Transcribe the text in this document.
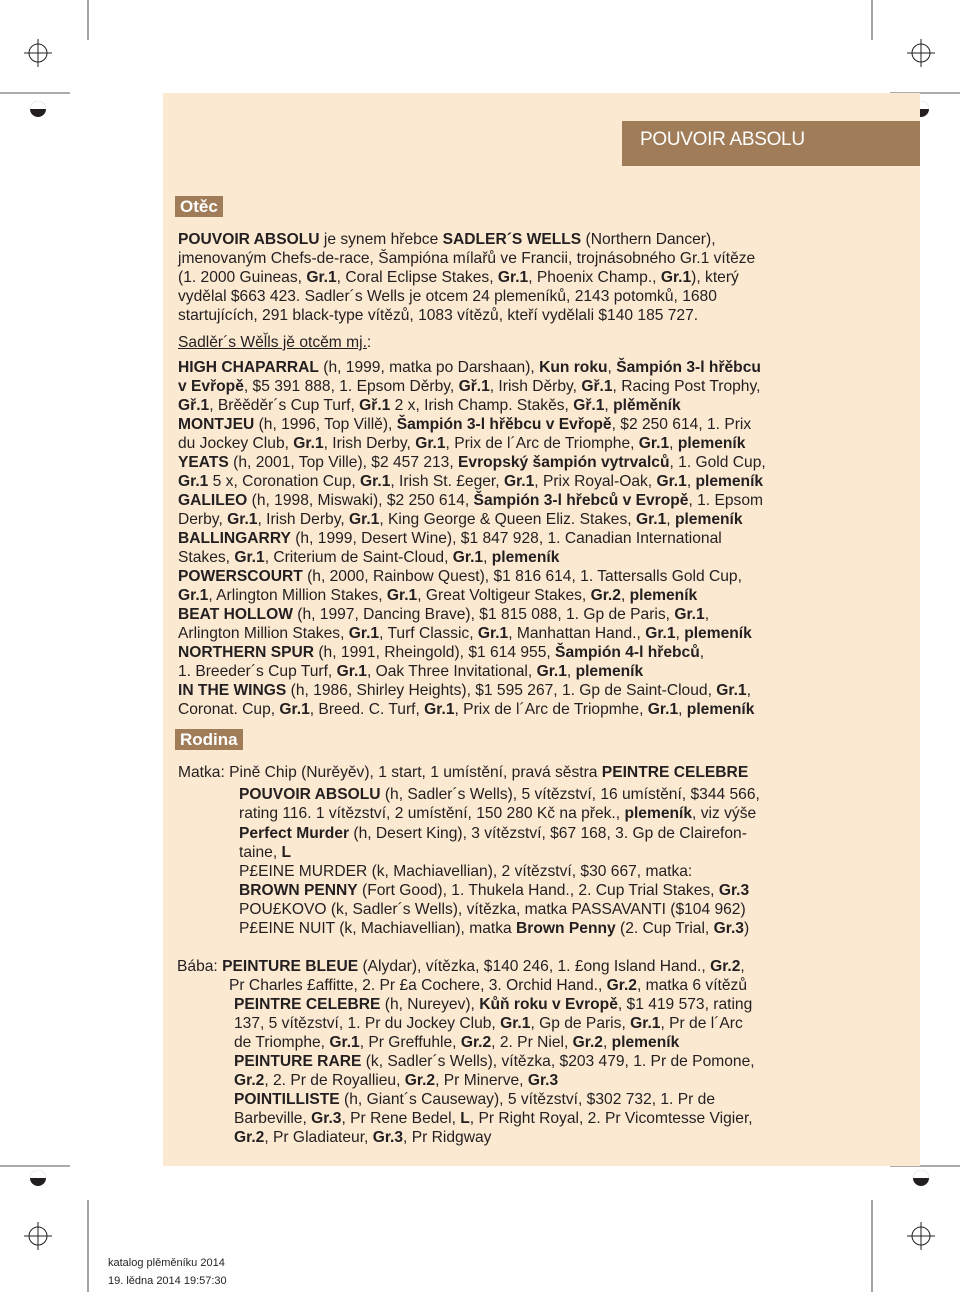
POUVOIR ABSOLU
Otěc
POUVOIR ABSOLU je synem hřebce SADLER´S WELLS (Northern Dancer),
jmenovaným Chefs-de-race, Šampióna mílařů ve Francii, trojnásobného Gr.1 vítěze
(1. 2000 Guineas, Gr.1, Coral Eclipse Stakes, Gr.1, Phoenix Champ., Gr.1), který
vydělal $663 423. Sadler´s Wells je otcem 24 plemeníků, 2143 potomků, 1680
startujících, 291 black-type vítězů, 1083 vítězů, kteří vydělali $140 185 727.
Sadlěr´s Wěl̆ls jě otcěm mj.:
HIGH CHAPARRAL (h, 1999, matka po Darshaan), Kun roku, Šampión 3-l hřěbcu
v Evřopě, $5 391 888, 1. Epsom Děrby, Gř.1, Irish Děrby, Gř.1, Racing Post Trophy,
Gř.1, Brěěděr´s Cup Turf, Gř.1 2 x, Irish Champ. Stakěs, Gř.1, plěměník
MONTJEU (h, 1996, Top Villě), Šampión 3-l hřěbcu v Evřopě, $2 250 614, 1. Prix
du Jockey Club, Gr.1, Irish Derby, Gr.1, Prix de l´Arc de Triomphe, Gr.1, plemeník
YEATS (h, 2001, Top Ville), $2 457 213, Evropský šampión vytrvalců, 1. Gold Cup,
Gr.1 5 x, Coronation Cup, Gr.1, Irish St. £eger, Gr.1, Prix Royal-Oak, Gr.1, plemeník
GALILEO (h, 1998, Miswaki), $2 250 614, Šampión 3-l hřebců v Evropě, 1. Epsom
Derby, Gr.1, Irish Derby, Gr.1, King George & Queen Eliz. Stakes, Gr.1, plemeník
BALLINGARRY (h, 1999, Desert Wine), $1 847 928, 1. Canadian International
Stakes, Gr.1, Criterium de Saint-Cloud, Gr.1, plemeník
POWERSCOURT (h, 2000, Rainbow Quest), $1 816 614, 1. Tattersalls Gold Cup,
Gr.1, Arlington Million Stakes, Gr.1, Great Voltigeur Stakes, Gr.2, plemeník
BEAT HOLLOW (h, 1997, Dancing Brave), $1 815 088, 1. Gp de Paris, Gr.1,
Arlington Million Stakes, Gr.1, Turf Classic, Gr.1, Manhattan Hand., Gr.1, plemeník
NORTHERN SPUR (h, 1991, Rheingold), $1 614 955, Šampión 4-l hřebců,
1. Breeder´s Cup Turf, Gr.1, Oak Three Invitational, Gr.1, plemeník
IN THE WINGS (h, 1986, Shirley Heights), $1 595 267, 1. Gp de Saint-Cloud, Gr.1,
Coronat. Cup, Gr.1, Breed. C. Turf, Gr.1, Prix de l´Arc de Triopmhe, Gr.1, plemeník
Rodina
Matka: Pině Chip (Nurěyěv), 1 start, 1 umístění, pravá sěstra PEINTRE CELEBRE
POUVOIR ABSOLU (h, Sadler´s Wells), 5 vítězství, 16 umístění, $344 566,
rating 116. 1 vítězství, 2 umístění, 150 280 Kč na přek., plemeník, viz výše
Perfect Murder (h, Desert King), 3 vítězství, $67 168, 3. Gp de Clairefon-
taine, L
P£EINE MURDER (k, Machiavellian), 2 vítězství, $30 667, matka:
BROWN PENNY (Fort Good), 1. Thukela Hand., 2. Cup Trial Stakes, Gr.3
POU£KOVO (k, Sadler´s Wells), vítězka, matka PASSAVANTI ($104 962)
P£EINE NUIT (k, Machiavellian), matka Brown Penny (2. Cup Trial, Gr.3)
Bába: PEINTURE BLEUE (Alydar), vítězka, $140 246, 1. £ong Island Hand., Gr.2,
Pr Charles £affitte, 2. Pr £a Cochere, 3. Orchid Hand., Gr.2, matka 6 vítězů
PEINTRE CELEBRE (h, Nureyev), Kůň roku v Evropě, $1 419 573, rating
137, 5 vítězství, 1. Pr du Jockey Club, Gr.1, Gp de Paris, Gr.1, Pr de l´Arc
de Triomphe, Gr.1, Pr Greffuhle, Gr.2, 2. Pr Niel, Gr.2, plemeník
PEINTURE RARE (k, Sadler´s Wells), vítězka, $203 479, 1. Pr de Pomone,
Gr.2, 2. Pr de Royallieu, Gr.2, Pr Minerve, Gr.3
POINTILLISTE (h, Giant´s Causeway), 5 vítězství, $302 732, 1. Pr de
Barbeville, Gr.3, Pr Rene Bedel, L, Pr Right Royal, 2. Pr Vicomtesse Vigier,
Gr.2, Pr Gladiateur, Gr.3, Pr Ridgway
katalog plěměníku 2014
19. lědna 2014 19:57:30
